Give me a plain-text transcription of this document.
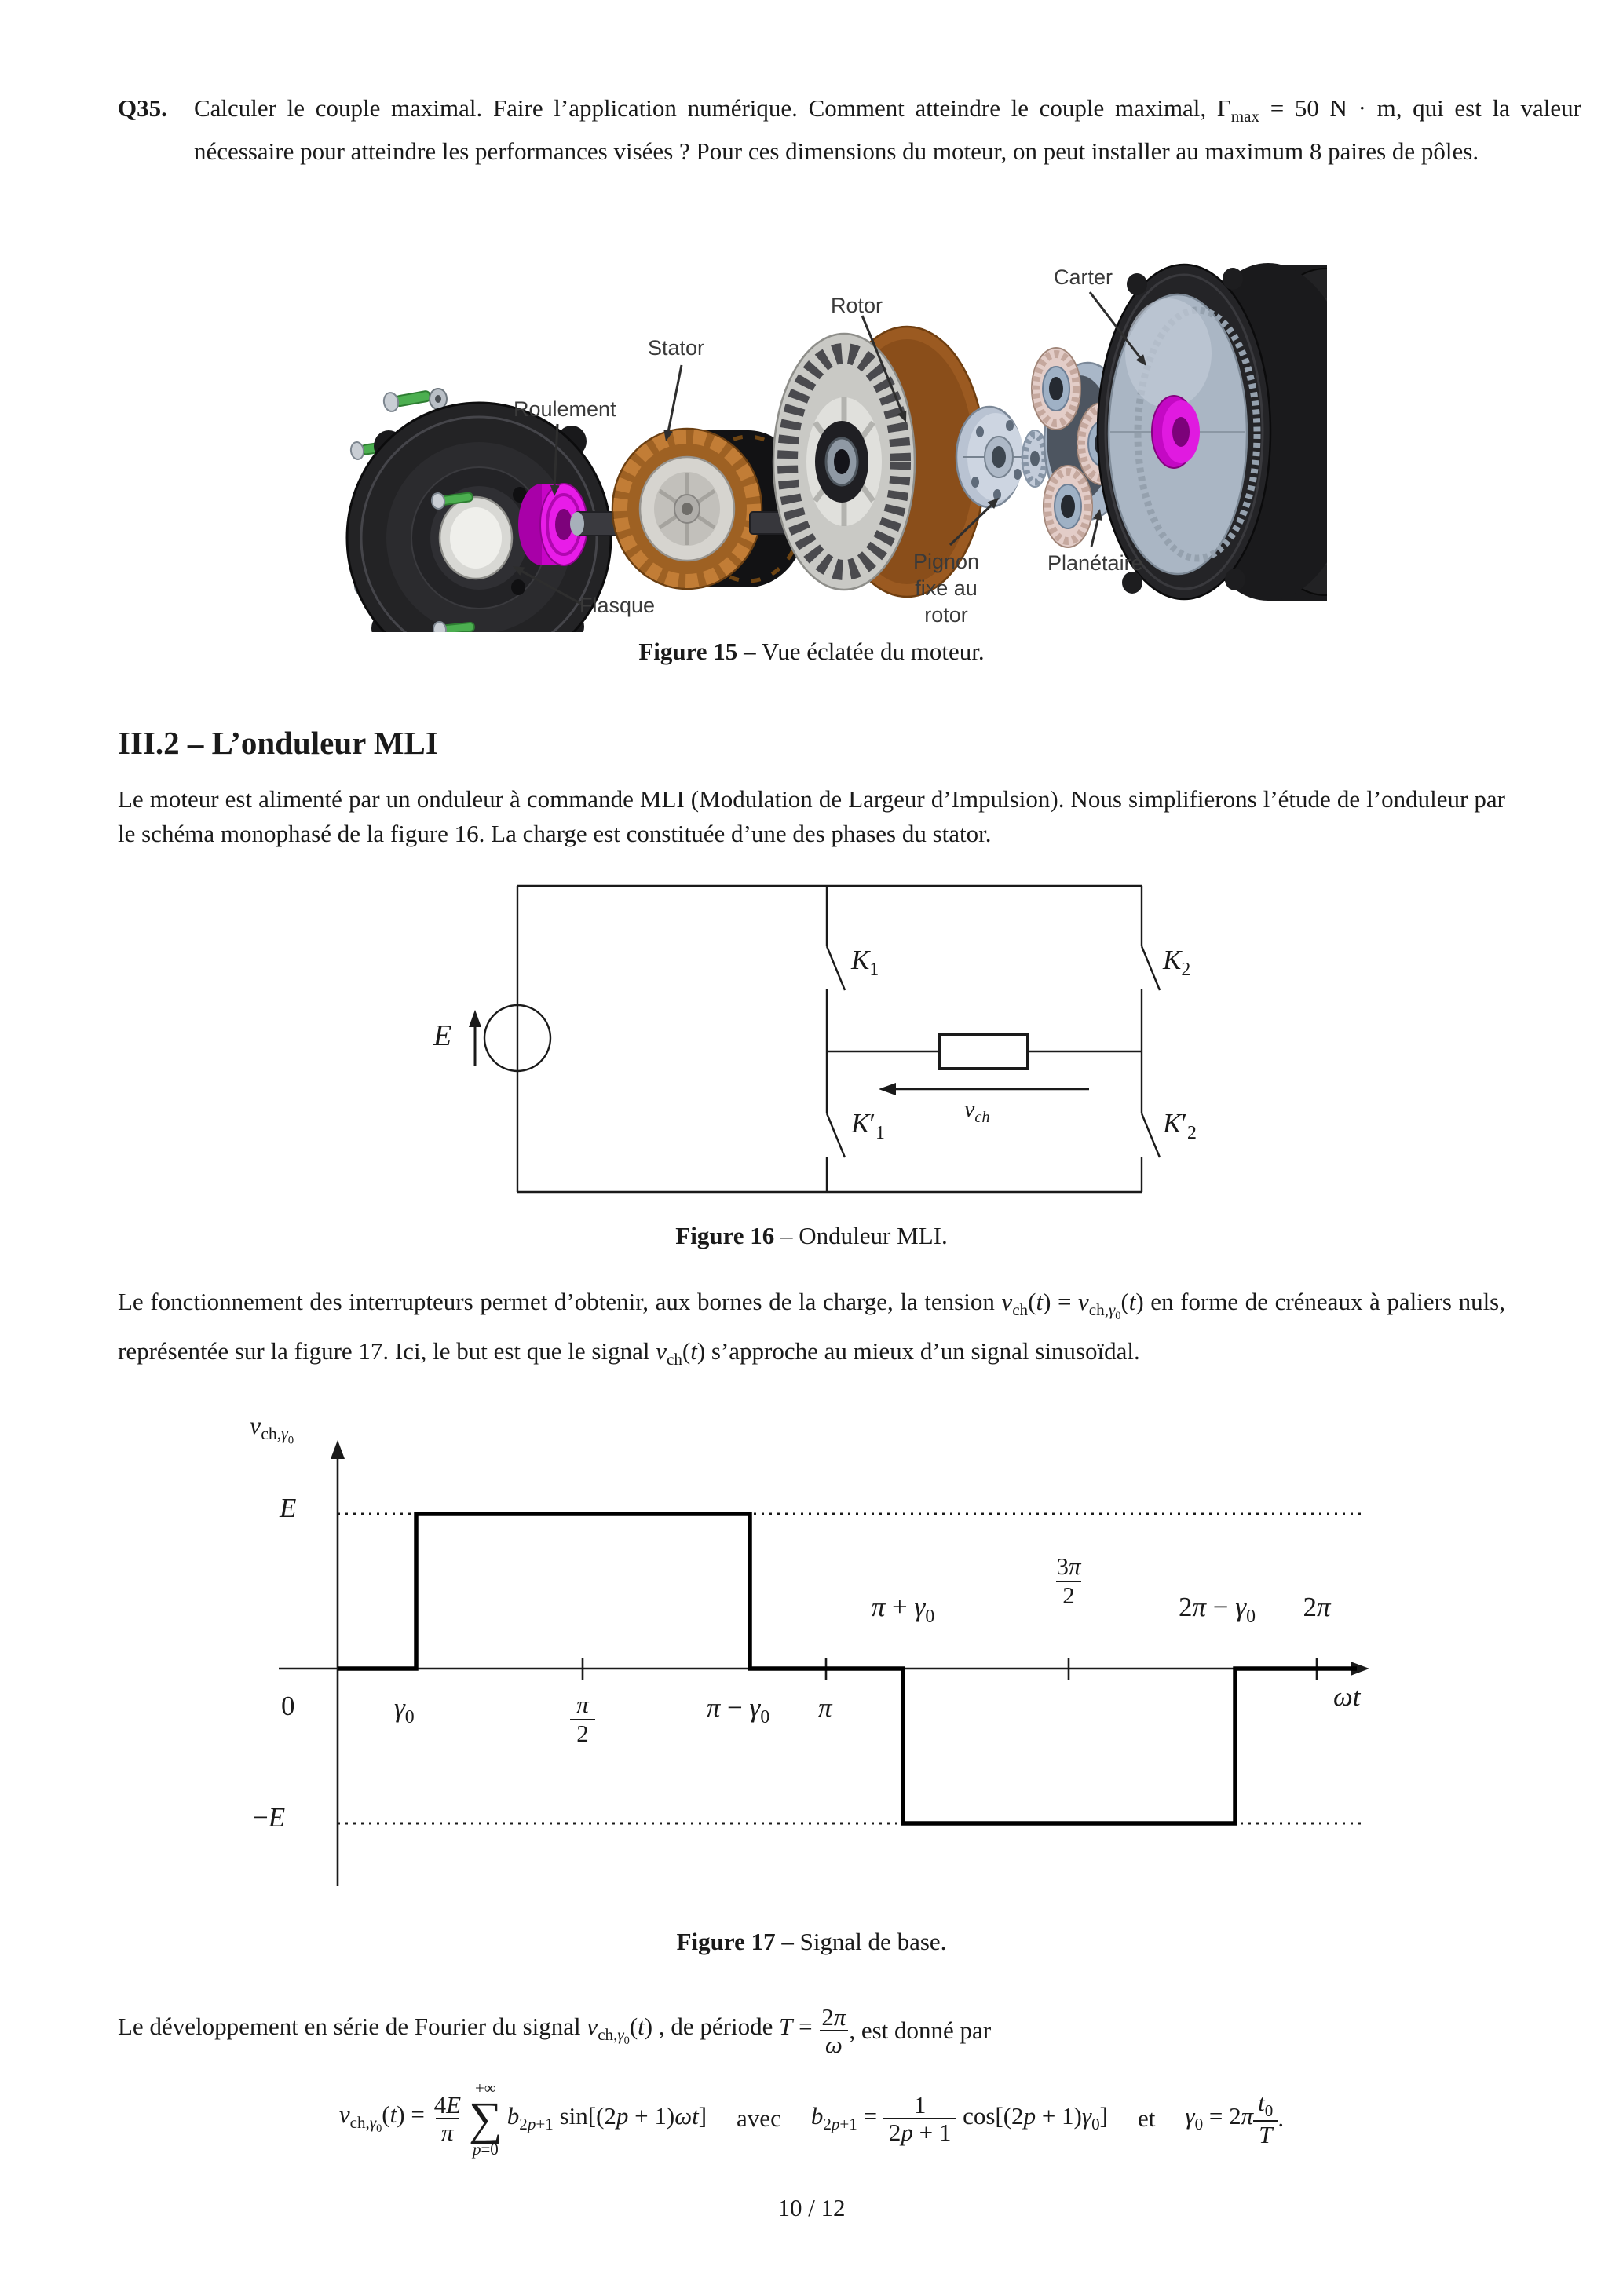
Q35. Calculer le couple maximal. Faire l’application numérique. Comment atteindre le couple maximal, $\Gamma_{max} = 50$ N · m, qui est la valeur nécessaire pour atteindre les performances visées ? Pour ces dimensions du moteur, on peut installer au maximum 8 paires de pôles.
Carter
Rotor
Stator
Roulement
Flasque
Pignon
fixe au
rotor
Planétaire
Figure 15 – Vue éclatée du moteur.
III.2 – L’onduleur MLI
Le moteur est alimenté par un onduleur à commande MLI (Modulation de Largeur d’Impulsion). Nous simplifierons l’étude de l’onduleur par le schéma monophasé de la figure 16. La charge est constituée d’une des phases du stator.
E
$K_1$	$K_2$
$K'_1$	$K'_2$
$v_{ch}$
Figure 16 – Onduleur MLI.
Le fonctionnement des interrupteurs permet d’obtenir, aux bornes de la charge, la tension $v_{ch}(t) = v_{ch,\gamma_0}(t)$ en forme de créneaux à paliers nuls, représentée sur la figure 17. Ici, le but est que le signal $v_{ch}(t)$ s’approche au mieux d’un signal sinusoïdal.
$v_{ch,\gamma_0}$
E
−E
0	$\gamma_0$	$\frac{\pi}{2}$	$\pi - \gamma_0$	π
$\pi + \gamma_0$
$\frac{3\pi}{2}$	$2\pi - \gamma_0$	2π
ωt
Figure 17 – Signal de base.
Le développement en série de Fourier du signal $v_{ch,\gamma_0}(t)$ , de période $T = \frac{2\pi}{\omega}$ , est donné par
$v_{ch,\gamma_0}(t) = \frac{4E}{\pi}$
+∞
∑
p=0
$b_{2p+1}$ sin[(2p + 1)ωt] avec $b_{2p+1} = \frac{1}{2p + 1} \cos[(2p + 1)\gamma_0]$ et $\gamma_0 = 2\pi \frac{t_0}{T}$ .
10 / 12
